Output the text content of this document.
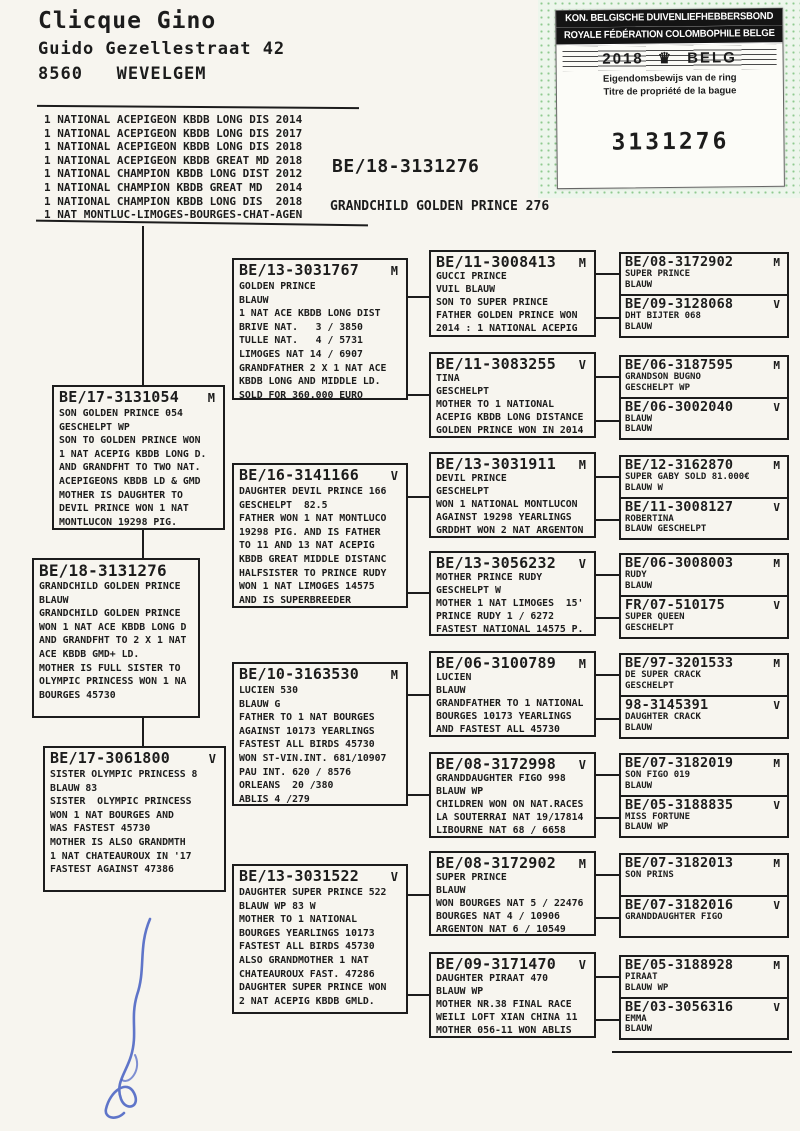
Clicque Gino
Guido Gezellestraat 42
8560   WEVELGEM
1 NATIONAL ACEPIGEON KBDB LONG DIS 2014
1 NATIONAL ACEPIGEON KBDB LONG DIS 2017
1 NATIONAL ACEPIGEON KBDB LONG DIS 2018
1 NATIONAL ACEPIGEON KBDB GREAT MD 2018
1 NATIONAL CHAMPION KBDB LONG DIST 2012
1 NATIONAL CHAMPION KBDB GREAT MD  2014
1 NATIONAL CHAMPION KBDB LONG DIS  2018
1 NAT MONTLUC-LIMOGES-BOURGES-CHAT-AGEN
BE/18-3131276
GRANDCHILD GOLDEN PRINCE 276
KON. BELGISCHE DUIVENLIEFHEBBERSBOND
ROYALE FÉDÉRATION COLOMBOPHILE BELGE
2018 ♛ BELG
Eigendomsbewijs van de ring
Titre de propriété de la bague
3131276
BE/17-3131054 M
SON GOLDEN PRINCE 054
GESCHELPT WP
SON TO GOLDEN PRINCE WON
1 NAT ACEPIG KBDB LONG D.
AND GRANDFHT TO TWO NAT.
ACEPIGEONS KBDB LD & GMD
MOTHER IS DAUGHTER TO
DEVIL PRINCE WON 1 NAT
MONTLUCON 19298 PIG.
BE/18-3131276
GRANDCHILD GOLDEN PRINCE
BLAUW
GRANDCHILD GOLDEN PRINCE
WON 1 NAT ACE KBDB LONG D
AND GRANDFHT TO 2 X 1 NAT
ACE KBDB GMD+ LD.
MOTHER IS FULL SISTER TO
OLYMPIC PRINCESS WON 1 NA
BOURGES 45730
BE/17-3061800	V
SISTER OLYMPIC PRINCESS 8
BLAUW 83
SISTER  OLYMPIC PRINCESS
WON 1 NAT BOURGES AND
WAS FASTEST 45730
MOTHER IS ALSO GRANDMTH
1 NAT CHATEAUROUX IN '17
FASTEST AGAINST 47386
BE/13-3031767	M
GOLDEN PRINCE
BLAUW
1 NAT ACE KBDB LONG DIST
BRIVE NAT.   3 / 3850
TULLE NAT.   4 / 5731
LIMOGES NAT 14 / 6907
GRANDFATHER 2 X 1 NAT ACE
KBDB LONG AND MIDDLE LD.
SOLD FOR 360.000 EURO
BE/16-3141166	V
DAUGHTER DEVIL PRINCE 166
GESCHELPT  82.5
FATHER WON 1 NAT MONTLUCO
19298 PIG. AND IS FATHER
TO 11 AND 13 NAT ACEPIG
KBDB GREAT MIDDLE DISTANC
HALFSISTER TO PRINCE RUDY
WON 1 NAT LIMOGES 14575
AND IS SUPERBREEDER
BE/10-3163530	M
LUCIEN 530
BLAUW G
FATHER TO 1 NAT BOURGES
AGAINST 10173 YEARLINGS
FASTEST ALL BIRDS 45730
WON ST-VIN.INT. 681/10907
PAU INT. 620 / 8576
ORLEANS  20 /380
ABLIS 4 /279
BE/13-3031522	V
DAUGHTER SUPER PRINCE 522
BLAUW WP 83 W
MOTHER TO 1 NATIONAL
BOURGES YEARLINGS 10173
FASTEST ALL BIRDS 45730
ALSO GRANDMOTHER 1 NAT
CHATEAUROUX FAST. 47286
DAUGHTER SUPER PRINCE WON
2 NAT ACEPIG KBDB GMLD.
BE/11-3008413 M
GUCCI PRINCE
VUIL BLAUW
SON TO SUPER PRINCE
FATHER GOLDEN PRINCE WON
2014 : 1 NATIONAL ACEPIG
BE/11-3083255 V
TINA
GESCHELPT
MOTHER TO 1 NATIONAL
ACEPIG KBDB LONG DISTANCE
GOLDEN PRINCE WON IN 2014
BE/13-3031911 M
DEVIL PRINCE
GESCHELPT
WON 1 NATIONAL MONTLUCON
AGAINST 19298 YEARLINGS
GRDDHT WON 2 NAT ARGENTON
BE/13-3056232 V
MOTHER PRINCE RUDY
GESCHELPT W
MOTHER 1 NAT LIMOGES  15'
PRINCE RUDY 1 / 6272
FASTEST NATIONAL 14575 P.
BE/06-3100789 M
LUCIEN
BLAUW
GRANDFATHER TO 1 NATIONAL
BOURGES 10173 YEARLINGS
AND FASTEST ALL 45730
BE/08-3172998 V
GRANDDAUGHTER FIGO 998
BLAUW WP
CHILDREN WON ON NAT.RACES
LA SOUTERRAI NAT 19/17814
LIBOURNE NAT 68 / 6658
BE/08-3172902 M
SUPER PRINCE
BLAUW
WON BOURGES NAT 5 / 22476
BOURGES NAT 4 / 10906
ARGENTON NAT 6 / 10549
BE/09-3171470 V
DAUGHTER PIRAAT 470
BLAUW WP
MOTHER NR.38 FINAL RACE
WEILI LOFT XIAN CHINA 11
MOTHER 056-11 WON ABLIS
BE/08-3172902	M
SUPER PRINCE
BLAUW
BE/09-3128068	V
DHT BIJTER 068
BLAUW
BE/06-3187595	M
GRANDSON BUGNO
GESCHELPT WP
BE/06-3002040	V
BLAUW
BLAUW
BE/12-3162870	M
SUPER GABY SOLD 81.000€
BLAUW W
BE/11-3008127	V
ROBERTINA
BLAUW GESCHELPT
BE/06-3008003	M
RUDY
BLAUW
FR/07-510175	V
SUPER QUEEN
GESCHELPT
BE/97-3201533	M
DE SUPER CRACK
GESCHELPT
98-3145391	V
DAUGHTER CRACK
BLAUW
BE/07-3182019	M
SON FIGO 019
BLAUW
BE/05-3188835	V
MISS FORTUNE
BLAUW WP
BE/07-3182013	M
SON PRINS
BE/07-3182016	V
GRANDDAUGHTER FIGO
BE/05-3188928	M
PIRAAT
BLAUW WP
BE/03-3056316	V
EMMA
BLAUW
